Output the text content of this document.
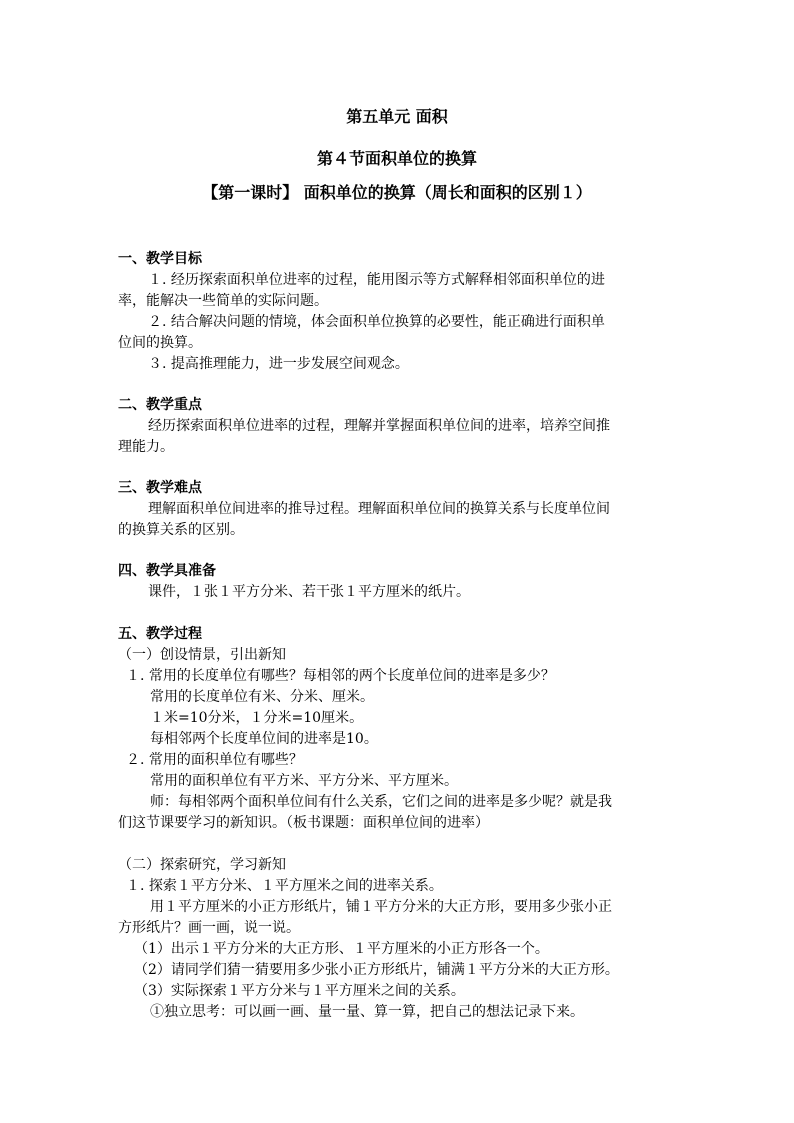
第五单元 面积
第４节面积单位的换算
【第一课时】 面积单位的换算（周长和面积的区别１）
一、教学目标
１. 经历探索面积单位进率的过程，能用图示等方式解释相邻面积单位的进
率，能解决一些简单的实际问题。
２. 结合解决问题的情境，体会面积单位换算的必要性，能正确进行面积单
位间的换算。
３. 提高推理能力，进一步发展空间观念。
二、教学重点
经历探索面积单位进率的过程，理解并掌握面积单位间的进率，培养空间推
理能力。
三、教学难点
理解面积单位间进率的推导过程。理解面积单位间的换算关系与长度单位间
的换算关系的区别。
四、教学具准备
课件，１张１平方分米、若干张１平方厘米的纸片。
五、教学过程
（一）创设情景，引出新知
１. 常用的长度单位有哪些？每相邻的两个长度单位间的进率是多少？
常用的长度单位有米、分米、厘米。
１米=10分米，１分米=10厘米。
每相邻两个长度单位间的进率是10。
２. 常用的面积单位有哪些？
常用的面积单位有平方米、平方分米、平方厘米。
师：每相邻两个面积单位间有什么关系，它们之间的进率是多少呢？就是我
们这节课要学习的新知识。（板书课题：面积单位间的进率）
（二）探索研究，学习新知
１. 探索１平方分米、１平方厘米之间的进率关系。
用１平方厘米的小正方形纸片，铺１平方分米的大正方形，要用多少张小正
方形纸片？画一画，说一说。
（1）出示１平方分米的大正方形、１平方厘米的小正方形各一个。
（2）请同学们猜一猜要用多少张小正方形纸片，铺满１平方分米的大正方形。
（3）实际探索１平方分米与１平方厘米之间的关系。
①独立思考：可以画一画、量一量、算一算，把自己的想法记录下来。
